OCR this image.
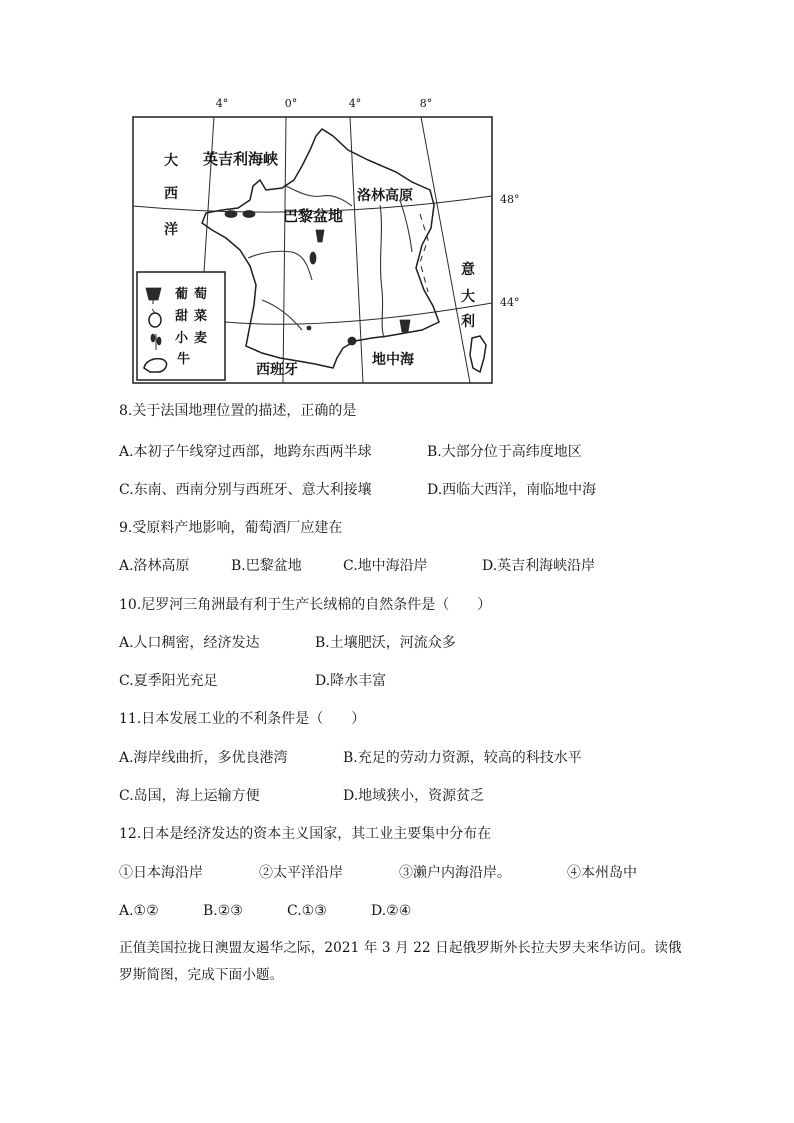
葡萄
甜菜
小麦
牛
4°	0°	4°	8°
48°
44°
大
西
洋
英吉利海峡
洛林高原
巴黎盆地
意
大
利
地中海
西班牙
8.关于法国地理位置的描述，正确的是
A.本初子午线穿过西部，地跨东西两半球	B.大部分位于高纬度地区
C.东南、西南分别与西班牙、意大利接壤	D.西临大西洋，南临地中海
9.受原料产地影响，葡萄酒厂应建在
A.洛林高原	B.巴黎盆地	C.地中海沿岸	D.英吉利海峡沿岸
10.尼罗河三角洲最有利于生产长绒棉的自然条件是（　　）
A.人口稠密，经济发达	B.土壤肥沃，河流众多
C.夏季阳光充足	D.降水丰富
11.日本发展工业的不利条件是（　　）
A.海岸线曲折，多优良港湾	B.充足的劳动力资源，较高的科技水平
C.岛国，海上运输方便	D.地域狭小，资源贫乏
12.日本是经济发达的资本主义国家，其工业主要集中分布在
①日本海沿岸	②太平洋沿岸	③濑户内海沿岸。	④本州岛中
A.①②	B.②③	C.①③	D.②④
正值美国拉拢日澳盟友遏华之际，2021 年 3 月 22 日起俄罗斯外长拉夫罗夫来华访问。读俄
罗斯简图，完成下面小题。
